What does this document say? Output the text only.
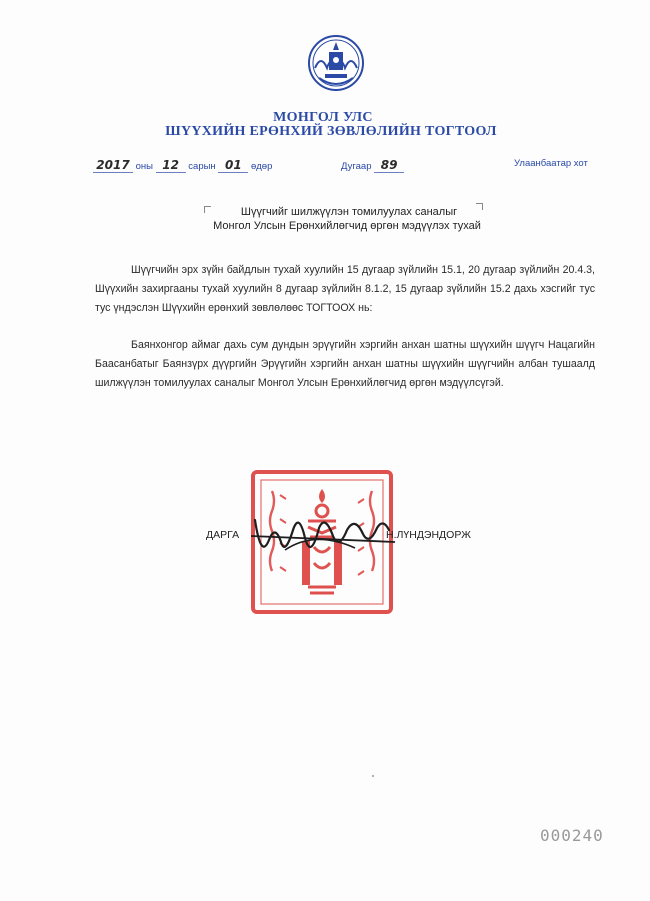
МОНГОЛ УЛС
ШҮҮХИЙН ЕРӨНХИЙ ЗӨВЛӨЛИЙН ТОГТООЛ
2017 оны 12 сарын 01 өдөр	Дугаар 89	Улаанбаатар хот
Шүүгчийг шилжүүлэн томилуулах саналыг
Монгол Улсын Ерөнхийлөгчид өргөн мэдүүлэх тухай
Шүүгчийн эрх зүйн байдлын тухай хуулийн 15 дугаар зүйлийн 15.1, 20 дугаар зүйлийн 20.4.3, Шүүхийн захиргааны тухай хуулийн 8 дугаар зүйлийн 8.1.2, 15 дугаар зүйлийн 15.2 дахь хэсгийг тус тус үндэслэн Шүүхийн ерөнхий зөвлөлөөс ТОГТООХ нь:
Баянхонгор аймаг дахь сум дундын эрүүгийн хэргийн анхан шатны шүүхийн шүүгч Нацагийн Баасанбатыг Баянзүрх дүүргийн Эрүүгийн хэргийн анхан шатны шүүхийн шүүгчийн албан тушаалд шилжүүлэн томилуулах саналыг Монгол Улсын Ерөнхийлөгчид өргөн мэдүүлсүгэй.
ДАРГА	Н.ЛҮНДЭНДОРЖ
000240
